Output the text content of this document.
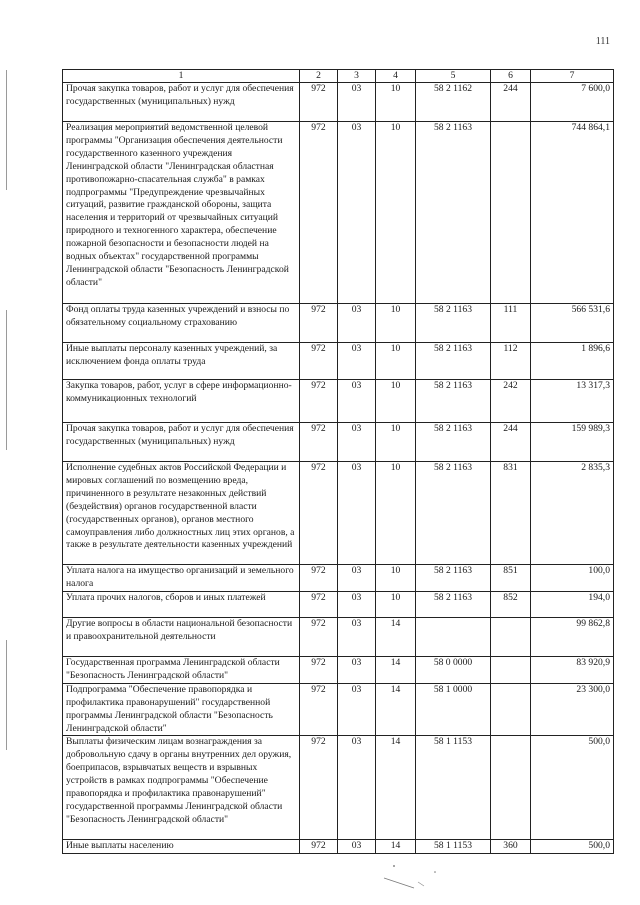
111
1	2	3	4	5	6	7
Прочая закупка товаров, работ и услуг для обеспечения государственных (муниципальных) нужд	972	03	10	58 2 1162	244	7 600,0
Реализация мероприятий ведомственной целевой программы "Организация обеспечения деятельности государственного казенного учреждения Ленинградской области "Ленинградская областная противопожарно-спасательная служба" в рамках подпрограммы "Предупреждение чрезвычайных ситуаций, развитие гражданской обороны, защита населения и территорий от чрезвычайных ситуаций природного и техногенного характера, обеспечение пожарной безопасности и безопасности людей на водных объектах" государственной программы Ленинградской области "Безопасность Ленинградской области"	972	03	10	58 2 1163		744 864,1
Фонд оплаты труда казенных учреждений и взносы по обязательному социальному страхованию	972	03	10	58 2 1163	111	566 531,6
Иные выплаты персоналу казенных учреждений, за исключением фонда оплаты труда	972	03	10	58 2 1163	112	1 896,6
Закупка товаров, работ, услуг в сфере информационно-коммуникационных технологий	972	03	10	58 2 1163	242	13 317,3
Прочая закупка товаров, работ и услуг для обеспечения государственных (муниципальных) нужд	972	03	10	58 2 1163	244	159 989,3
Исполнение судебных актов Российской Федерации и мировых соглашений по возмещению вреда, причиненного в результате незаконных действий (бездействия) органов государственной власти (государственных органов), органов местного самоуправления либо должностных лиц этих органов, а также в результате деятельности казенных учреждений	972	03	10	58 2 1163	831	2 835,3
Уплата налога на имущество организаций и земельного налога	972	03	10	58 2 1163	851	100,0
Уплата прочих налогов, сборов и иных платежей	972	03	10	58 2 1163	852	194,0
Другие вопросы в области национальной безопасности и правоохранительной деятельности	972	03	14			99 862,8
Государственная программа Ленинградской области "Безопасность Ленинградской области"	972	03	14	58 0 0000		83 920,9
Подпрограмма "Обеспечение правопорядка и профилактика правонарушений" государственной программы Ленинградской области "Безопасность Ленинградской области"	972	03	14	58 1 0000		23 300,0
Выплаты физическим лицам вознаграждения за добровольную сдачу в органы внутренних дел оружия, боеприпасов, взрывчатых веществ и взрывных устройств в рамках подпрограммы "Обеспечение правопорядка и профилактика правонарушений" государственной программы Ленинградской области "Безопасность Ленинградской области"	972	03	14	58 1 1153		500,0
Иные выплаты населению	972	03	14	58 1 1153	360	500,0
